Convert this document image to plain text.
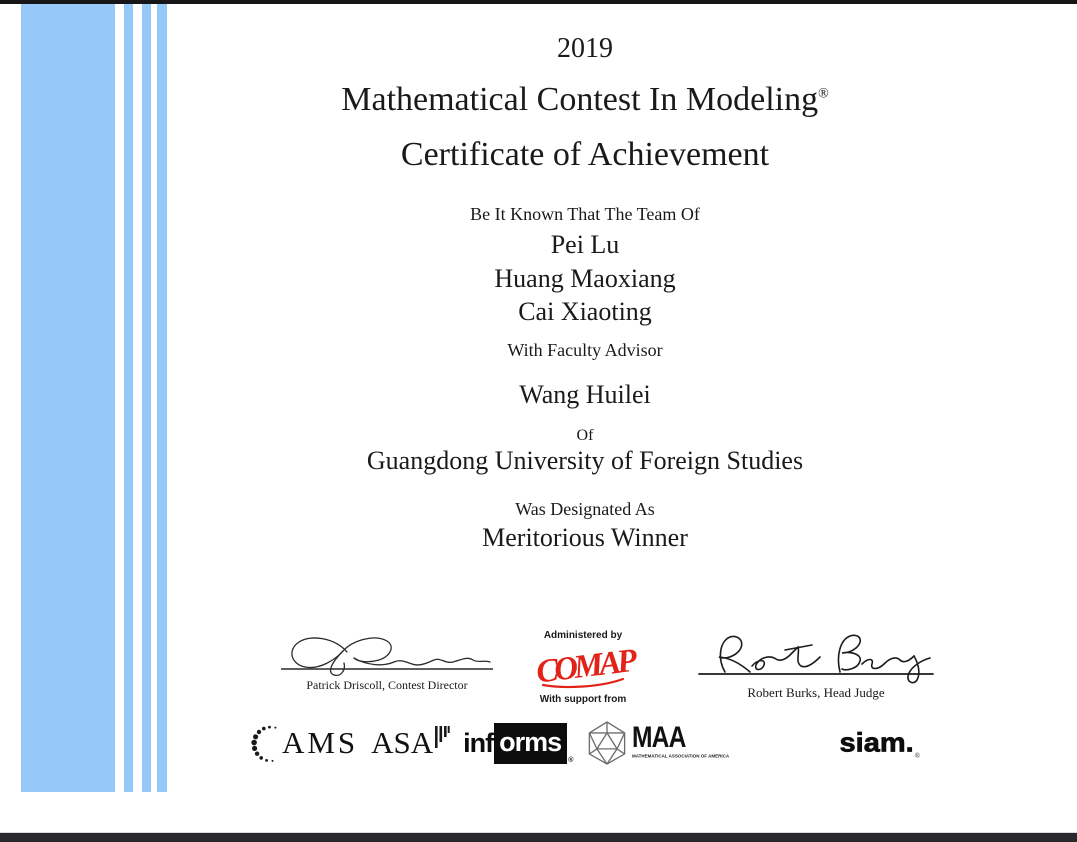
2019
Mathematical Contest In Modeling®
Certificate of Achievement
Be It Known That The Team Of
Pei Lu
Huang Maoxiang
Cai Xiaoting
With Faculty Advisor
Wang Huilei
Of
Guangdong University of Foreign Studies
Was Designated As
Meritorious Winner
Patrick Driscoll, Contest Director
Administered by
COMAP
With support from	Robert Burks, Head Judge
AMS ASA inf orms
®
MAA
MATHEMATICAL ASSOCIATION OF AMERICA	siam. ®
